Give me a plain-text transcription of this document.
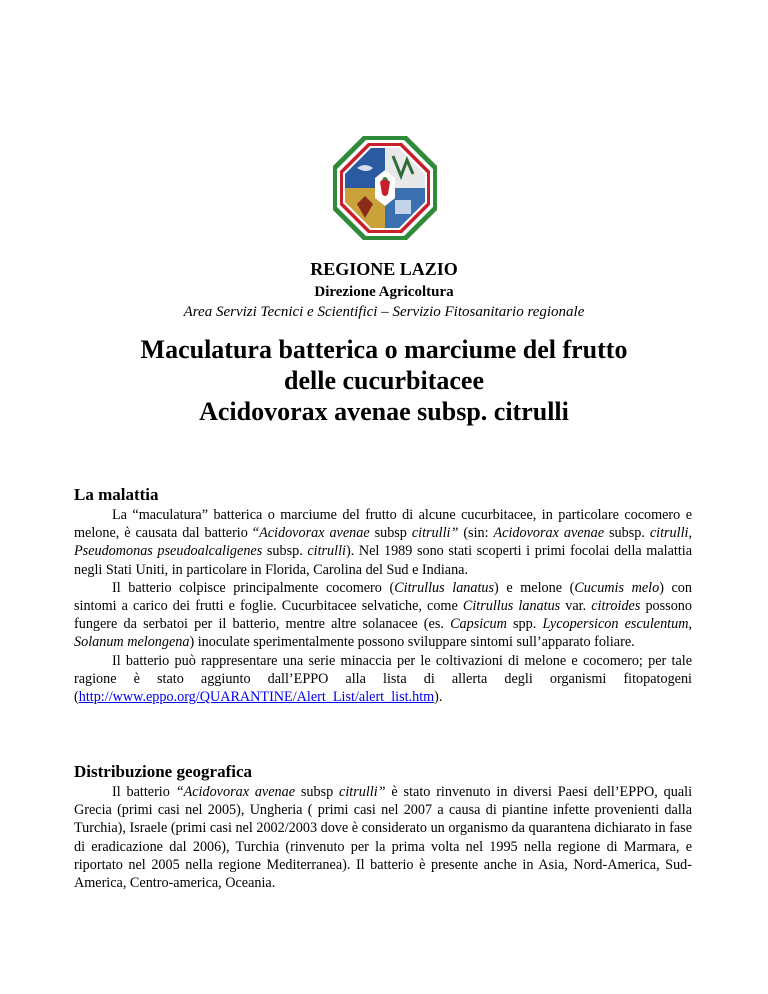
REGIONE LAZIO
Direzione Agricoltura
Area Servizi Tecnici e Scientifici – Servizio Fitosanitario regionale
Maculatura batterica o marciume del frutto
delle cucurbitacee
Acidovorax avenae subsp. citrulli
La malattia

La “maculatura” batterica o marciume del frutto di alcune cucurbitacee, in particolare cocomero e melone, è causata dal batterio “Acidovorax avenae subsp citrulli” (sin: Acidovorax avenae subsp. citrulli, Pseudomonas pseudoalcaligenes subsp. citrulli). Nel 1989 sono stati scoperti i primi focolai della malattia negli Stati Uniti, in particolare in Florida, Carolina del Sud e Indiana.

Il batterio colpisce principalmente cocomero (Citrullus lanatus) e melone (Cucumis melo) con sintomi a carico dei frutti e foglie. Cucurbitacee selvatiche, come Citrullus lanatus var. citroides possono fungere da serbatoi per il batterio, mentre altre solanacee (es. Capsicum spp. Lycopersicon esculentum, Solanum melongena) inoculate sperimentalmente possono sviluppare sintomi sull’apparato foliare.

Il batterio può rappresentare una serie minaccia per le coltivazioni di melone e cocomero; per tale ragione è stato aggiunto dall’EPPO alla lista di allerta degli organismi fitopatogeni (http://www.eppo.org/QUARANTINE/Alert_List/alert_list.htm).

Distribuzione geografica

Il batterio “Acidovorax avenae subsp citrulli” è stato rinvenuto in diversi Paesi dell’EPPO, quali Grecia (primi casi nel 2005), Ungheria ( primi casi nel 2007 a causa di piantine infette provenienti dalla Turchia), Israele (primi casi nel 2002/2003 dove è considerato un organismo da quarantena dichiarato in fase di eradicazione dal 2006), Turchia (rinvenuto per la prima volta nel 1995 nella regione di Marmara, e riportato nel 2005 nella regione Mediterranea). Il batterio è presente anche in Asia, Nord-America, Sud-America, Centro-america, Oceania.
